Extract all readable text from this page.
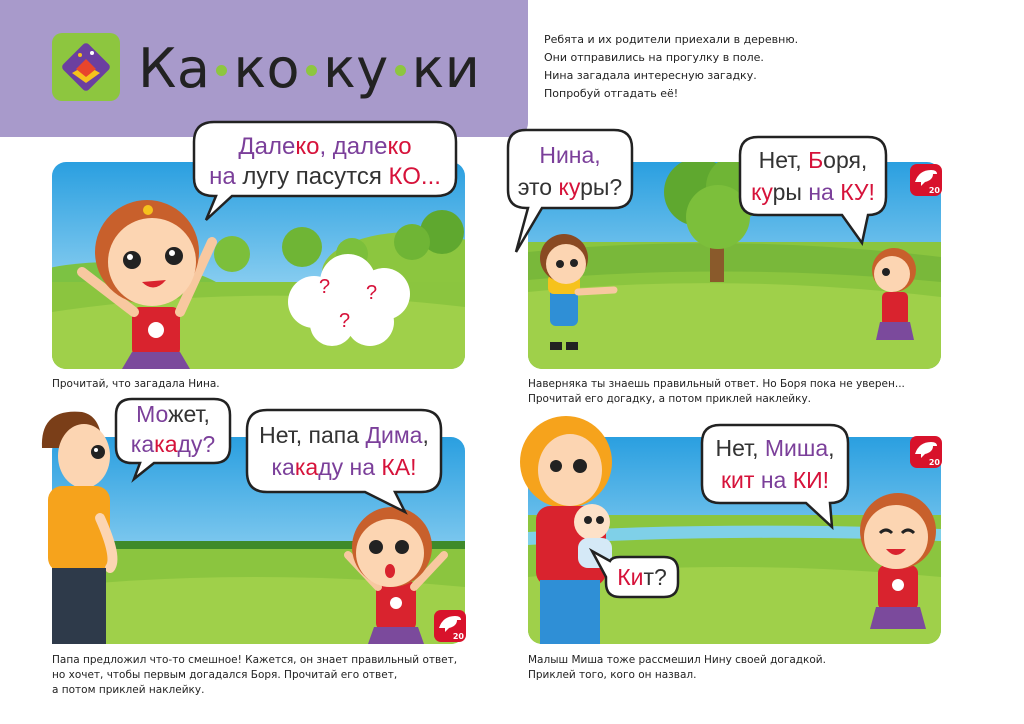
Ка ко ку ки	Ребята и их родители приехали в деревню.
Они отправились на прогулку в поле.
Нина загадала интересную загадку.
Попробуй отгадать её!
? ?
?
Далеко, далеко
на лугу пасутся КО...
Прочитай, что загадала Нина.
Нина,
это куры?
Нет, Боря,
куры на КУ!	20
Наверняка ты знаешь правильный ответ. Но Боря пока не уверен...
Прочитай его догадку, а потом приклей наклейку.
Может,
какаду?	Нет, папа Дима,
какаду на КА!
20
Папа предложил что-то смешное! Кажется, он знает правильный ответ,
но хочет, чтобы первым догадался Боря. Прочитай его ответ,
а потом приклей наклейку.
Нет, Миша,
кит на КИ!
Кит?
20
Малыш Миша тоже рассмешил Нину своей догадкой.
Приклей того, кого он назвал.
